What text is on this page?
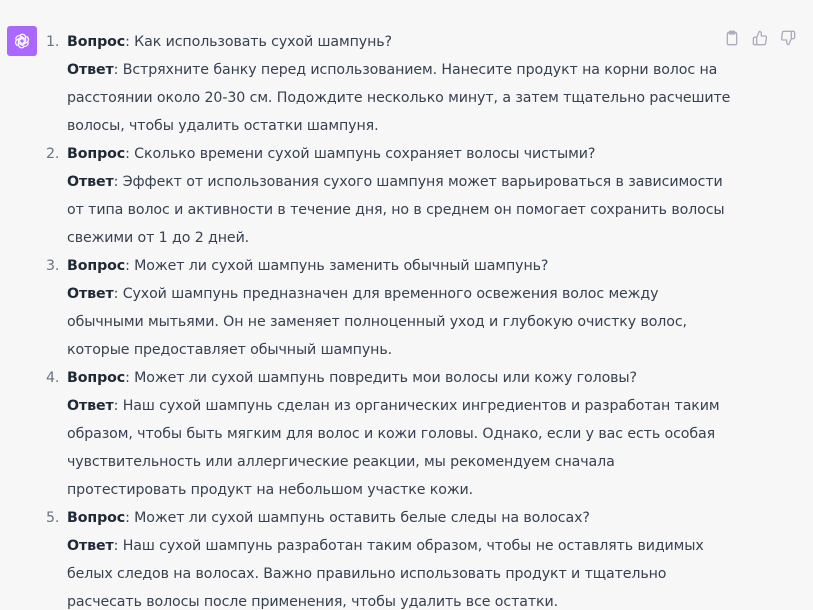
1. Вопрос: Как использовать сухой шампунь?
Ответ: Встряхните банку перед использованием. Нанесите продукт на корни волос на
расстоянии около 20-30 см. Подождите несколько минут, а затем тщательно расчешите
волосы, чтобы удалить остатки шампуня.
2. Вопрос: Сколько времени сухой шампунь сохраняет волосы чистыми?
Ответ: Эффект от использования сухого шампуня может варьироваться в зависимости
от типа волос и активности в течение дня, но в среднем он помогает сохранить волосы
свежими от 1 до 2 дней.
3. Вопрос: Может ли сухой шампунь заменить обычный шампунь?
Ответ: Сухой шампунь предназначен для временного освежения волос между
обычными мытьями. Он не заменяет полноценный уход и глубокую очистку волос,
которые предоставляет обычный шампунь.
4. Вопрос: Может ли сухой шампунь повредить мои волосы или кожу головы?
Ответ: Наш сухой шампунь сделан из органических ингредиентов и разработан таким
образом, чтобы быть мягким для волос и кожи головы. Однако, если у вас есть особая
чувствительность или аллергические реакции, мы рекомендуем сначала
протестировать продукт на небольшом участке кожи.
5. Вопрос: Может ли сухой шампунь оставить белые следы на волосах?
Ответ: Наш сухой шампунь разработан таким образом, чтобы не оставлять видимых
белых следов на волосах. Важно правильно использовать продукт и тщательно
расчесать волосы после применения, чтобы удалить все остатки.
